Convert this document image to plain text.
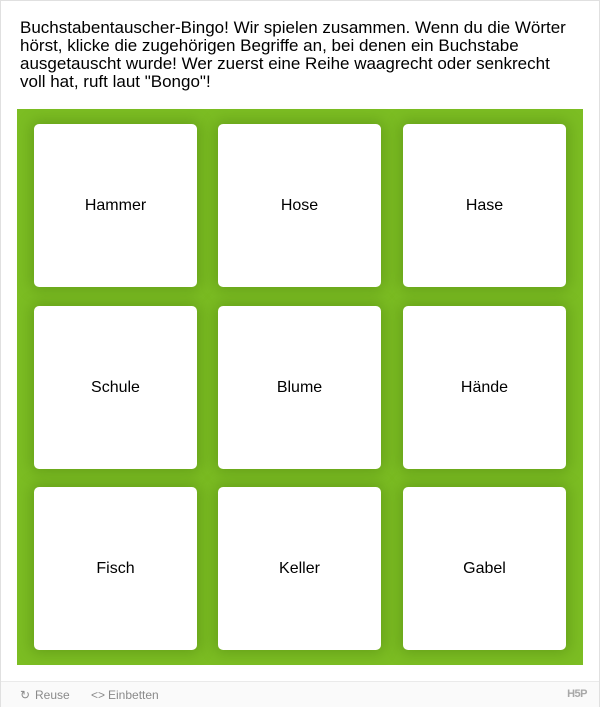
Buchstabentauscher-Bingo! Wir spielen zusammen. Wenn du die Wörter hörst, klicke die zugehörigen Begriffe an, bei denen ein Buchstabe ausgetauscht wurde! Wer zuerst eine Reihe waagrecht oder senkrecht voll hat, ruft laut "Bongo"!

Hammer	Hose	Hase
Schule	Blume	Hände
Fisch	Keller	Gabel
↻ Reuse <> Einbetten	H5P
